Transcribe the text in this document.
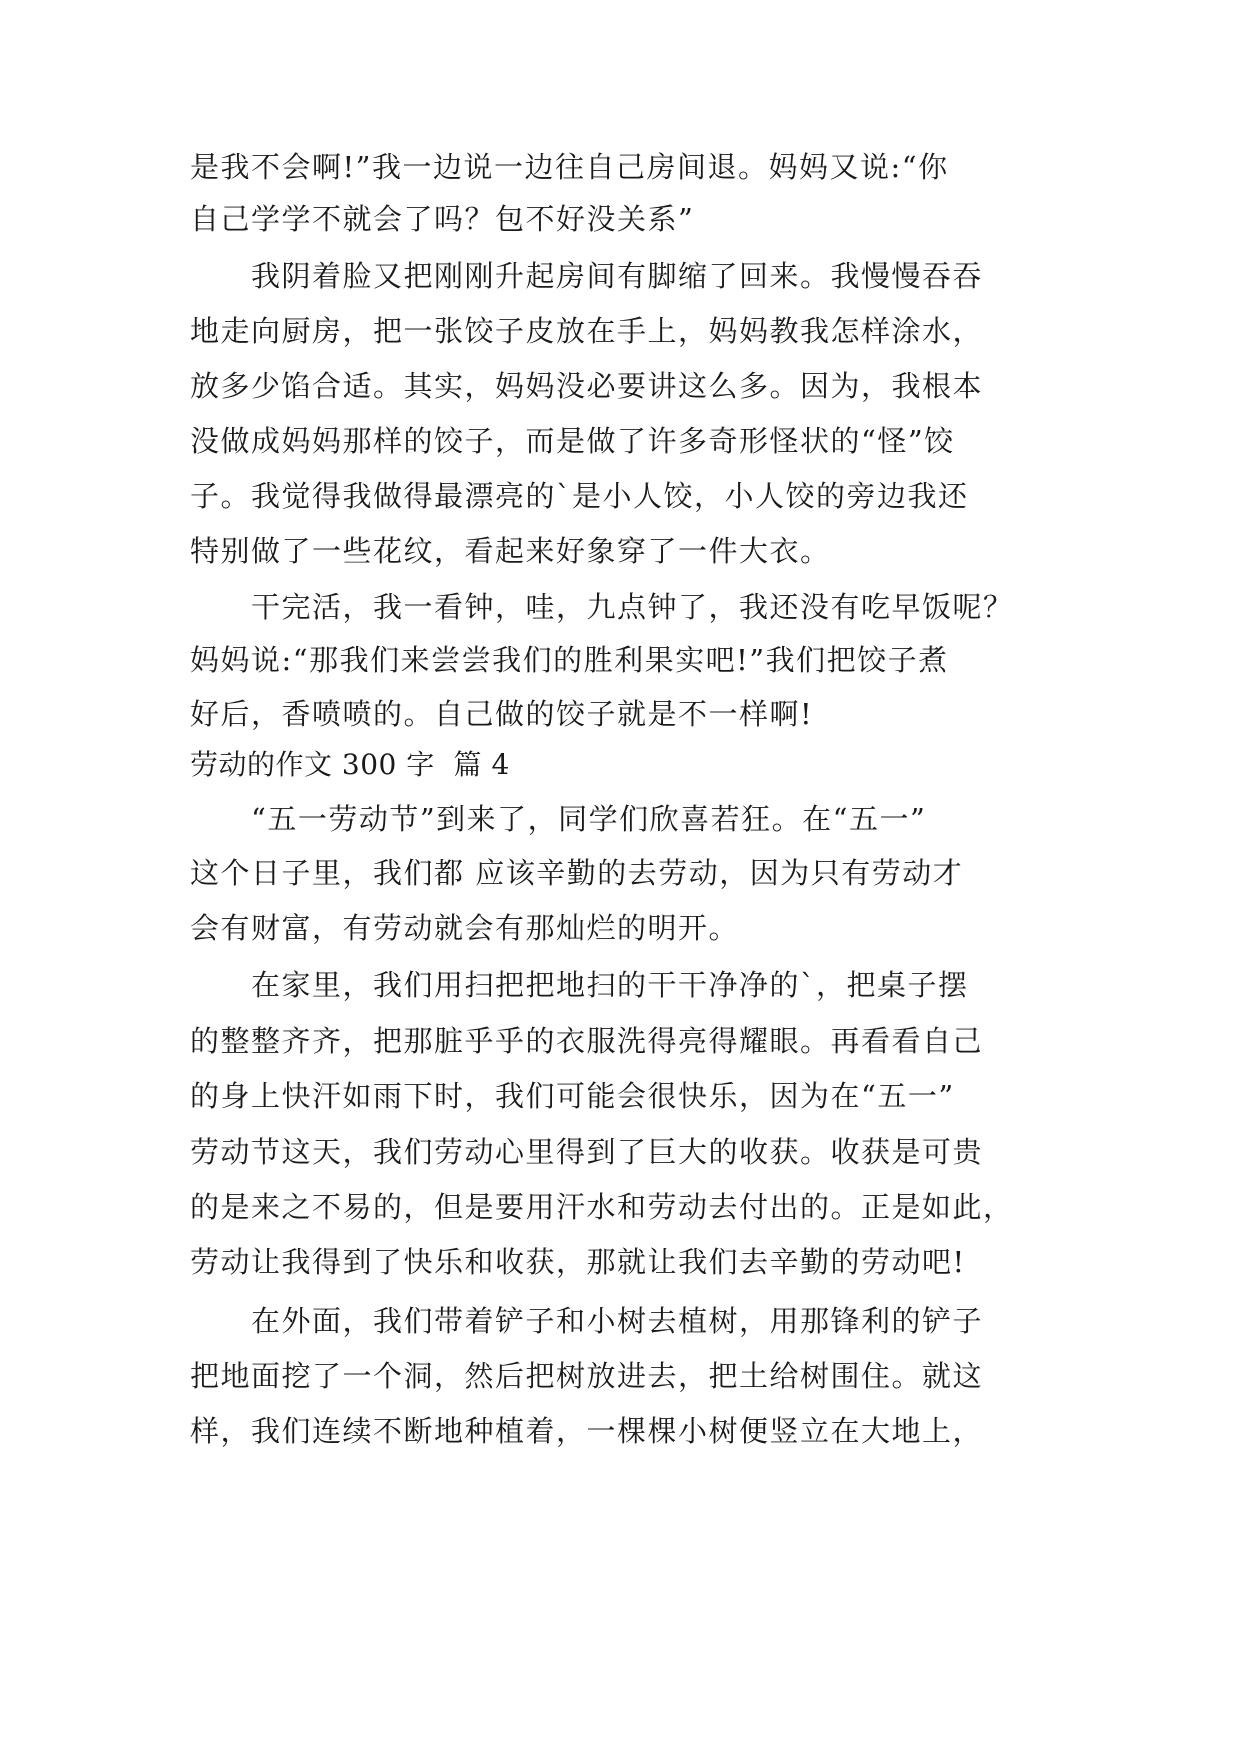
是我不会啊!”我一边说一边往自己房间退。妈妈又说:“你
自己学学不就会了吗？包不好没关系”
　　我阴着脸又把刚刚升起房间有脚缩了回来。我慢慢吞吞
地走向厨房，把一张饺子皮放在手上，妈妈教我怎样涂水，
放多少馅合适。其实，妈妈没必要讲这么多。因为，我根本
没做成妈妈那样的饺子，而是做了许多奇形怪状的“怪”饺
子。我觉得我做得最漂亮的`是小人饺，小人饺的旁边我还
特别做了一些花纹，看起来好象穿了一件大衣。
　　干完活，我一看钟，哇，九点钟了，我还没有吃早饭呢？
妈妈说:“那我们来尝尝我们的胜利果实吧!”我们把饺子煮
好后，香喷喷的。自己做的饺子就是不一样啊!
劳动的作文 300 字  篇 4
　　“五一劳动节”到来了，同学们欣喜若狂。在“五一”
这个日子里，我们都 应该辛勤的去劳动，因为只有劳动才
会有财富，有劳动就会有那灿烂的明开。
　　在家里，我们用扫把把地扫的干干净净的`，把桌子摆
的整整齐齐，把那脏乎乎的衣服洗得亮得耀眼。再看看自己
的身上快汗如雨下时，我们可能会很快乐，因为在“五一”
劳动节这天，我们劳动心里得到了巨大的收获。收获是可贵
的是来之不易的，但是要用汗水和劳动去付出的。正是如此，
劳动让我得到了快乐和收获，那就让我们去辛勤的劳动吧!
　　在外面，我们带着铲子和小树去植树，用那锋利的铲子
把地面挖了一个洞，然后把树放进去，把土给树围住。就这
样，我们连续不断地种植着，一棵棵小树便竖立在大地上，
